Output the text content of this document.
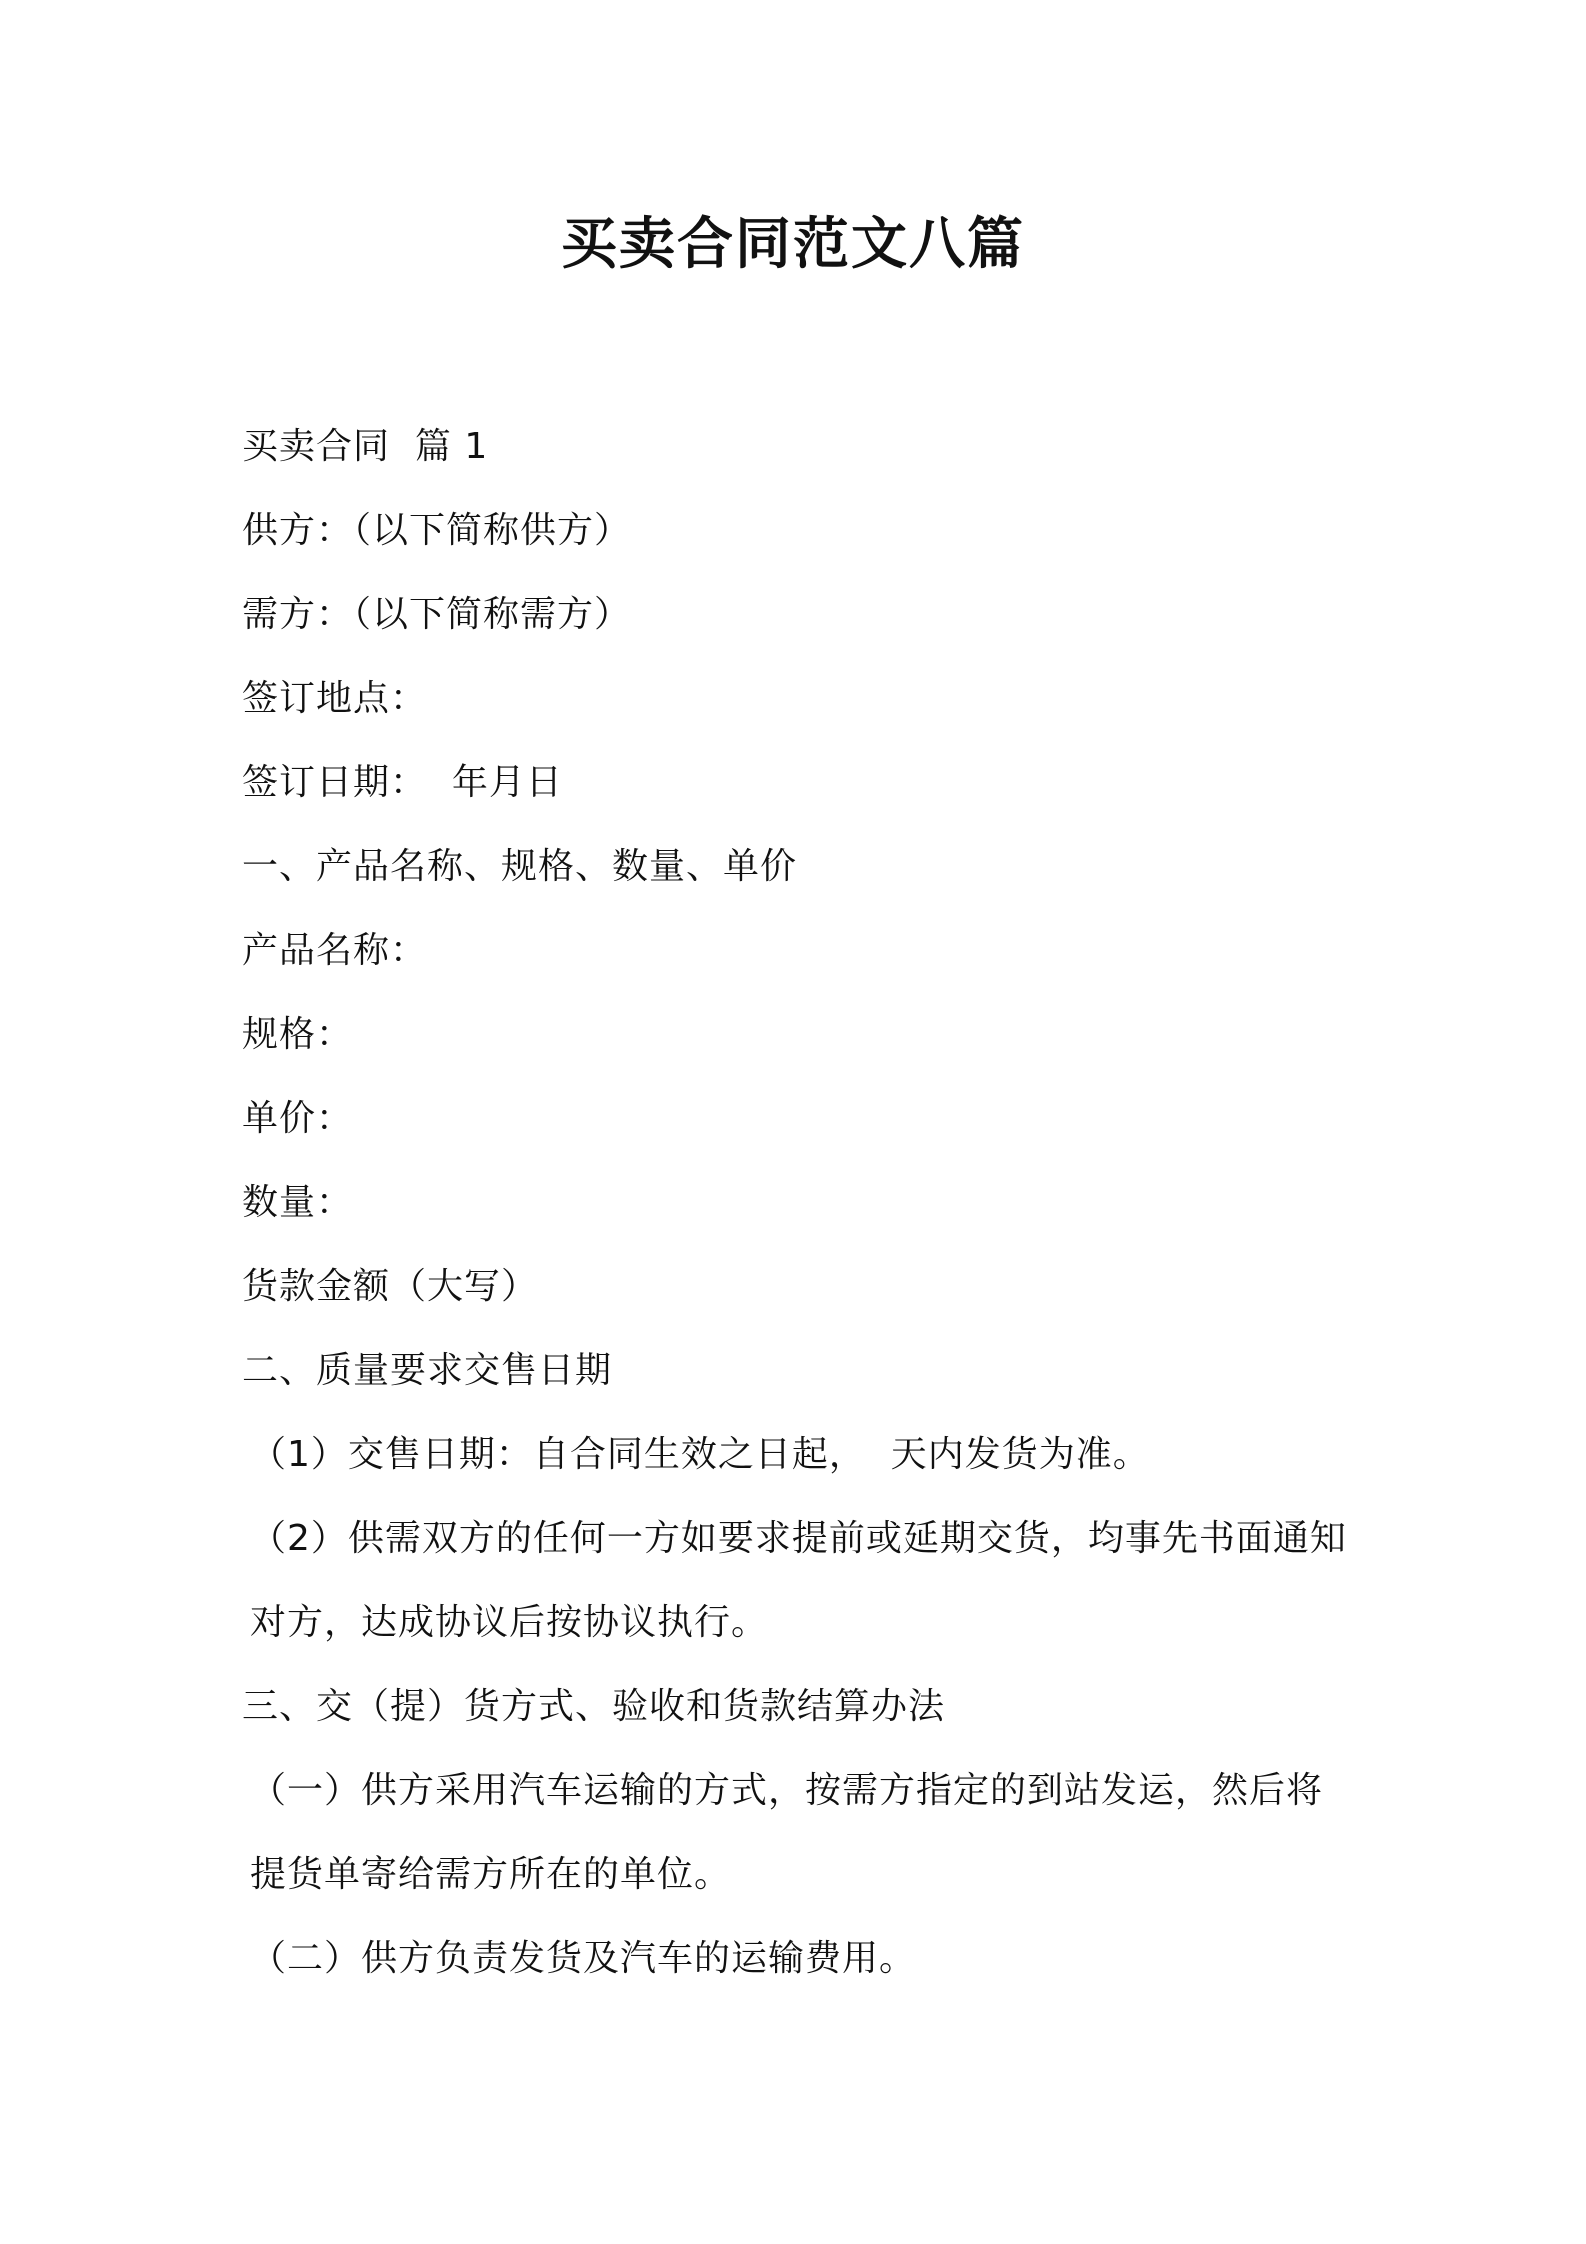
买卖合同范文八篇

买卖合同  篇 1

供方：（以下简称供方）

需方：（以下简称需方）

签订地点：

签订日期：  年月日

一、产品名称、规格、数量、单价

产品名称：

规格：

单价：

数量：

货款金额（大写）

二、质量要求交售日期

（1）交售日期：自合同生效之日起，  天内发货为准。

（2）供需双方的任何一方如要求提前或延期交货，均事先书面通知对方，达成协议后按协议执行。

三、交（提）货方式、验收和货款结算办法

（一）供方采用汽车运输的方式，按需方指定的到站发运，然后将提货单寄给需方所在的单位。

（二）供方负责发货及汽车的运输费用。
